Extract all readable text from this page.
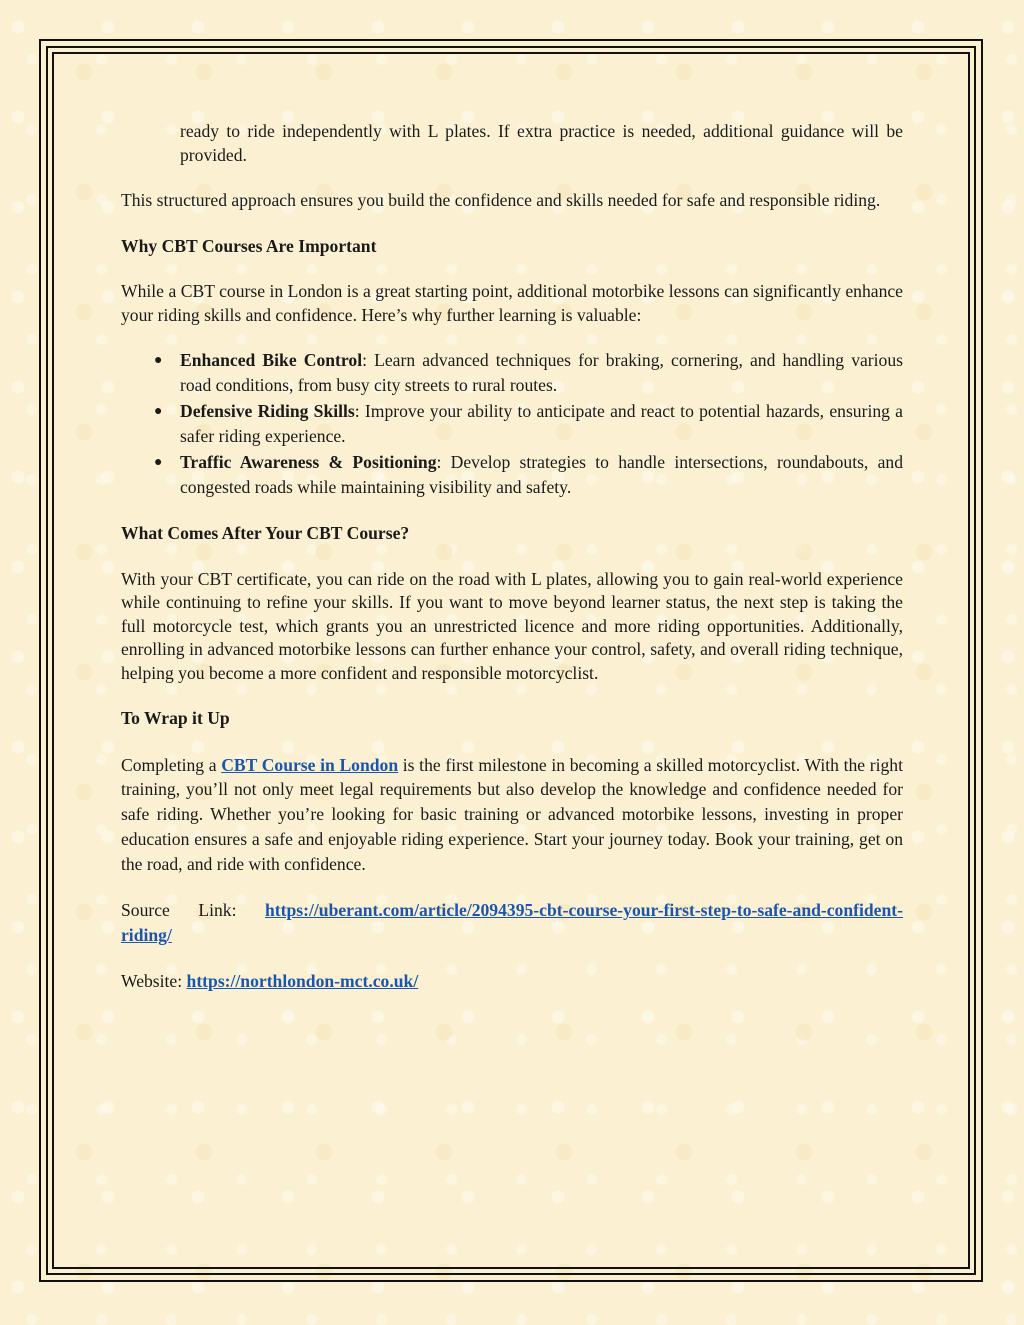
ready to ride independently with L plates. If extra practice is needed, additional guidance will be provided.

This structured approach ensures you build the confidence and skills needed for safe and responsible riding.

Why CBT Courses Are Important

While a CBT course in London is a great starting point, additional motorbike lessons can significantly enhance your riding skills and confidence. Here’s why further learning is valuable:

● Enhanced Bike Control: Learn advanced techniques for braking, cornering, and handling various road conditions, from busy city streets to rural routes.
● Defensive Riding Skills: Improve your ability to anticipate and react to potential hazards, ensuring a safer riding experience.
● Traffic Awareness & Positioning: Develop strategies to handle intersections, roundabouts, and congested roads while maintaining visibility and safety.
What Comes After Your CBT Course?

With your CBT certificate, you can ride on the road with L plates, allowing you to gain real-world experience while continuing to refine your skills. If you want to move beyond learner status, the next step is taking the full motorcycle test, which grants you an unrestricted licence and more riding opportunities. Additionally, enrolling in advanced motorbike lessons can further enhance your control, safety, and overall riding technique, helping you become a more confident and responsible motorcyclist.

To Wrap it Up

Completing a CBT Course in London is the first milestone in becoming a skilled motorcyclist. With the right training, you’ll not only meet legal requirements but also develop the knowledge and confidence needed for safe riding. Whether you’re looking for basic training or advanced motorbike lessons, investing in proper education ensures a safe and enjoyable riding experience. Start your journey today. Book your training, get on the road, and ride with confidence.

Source Link: https://uberant.com/article/2094395-cbt-course-your-first-step-to-safe-and-confident-riding/

Website: https://northlondon-mct.co.uk/
